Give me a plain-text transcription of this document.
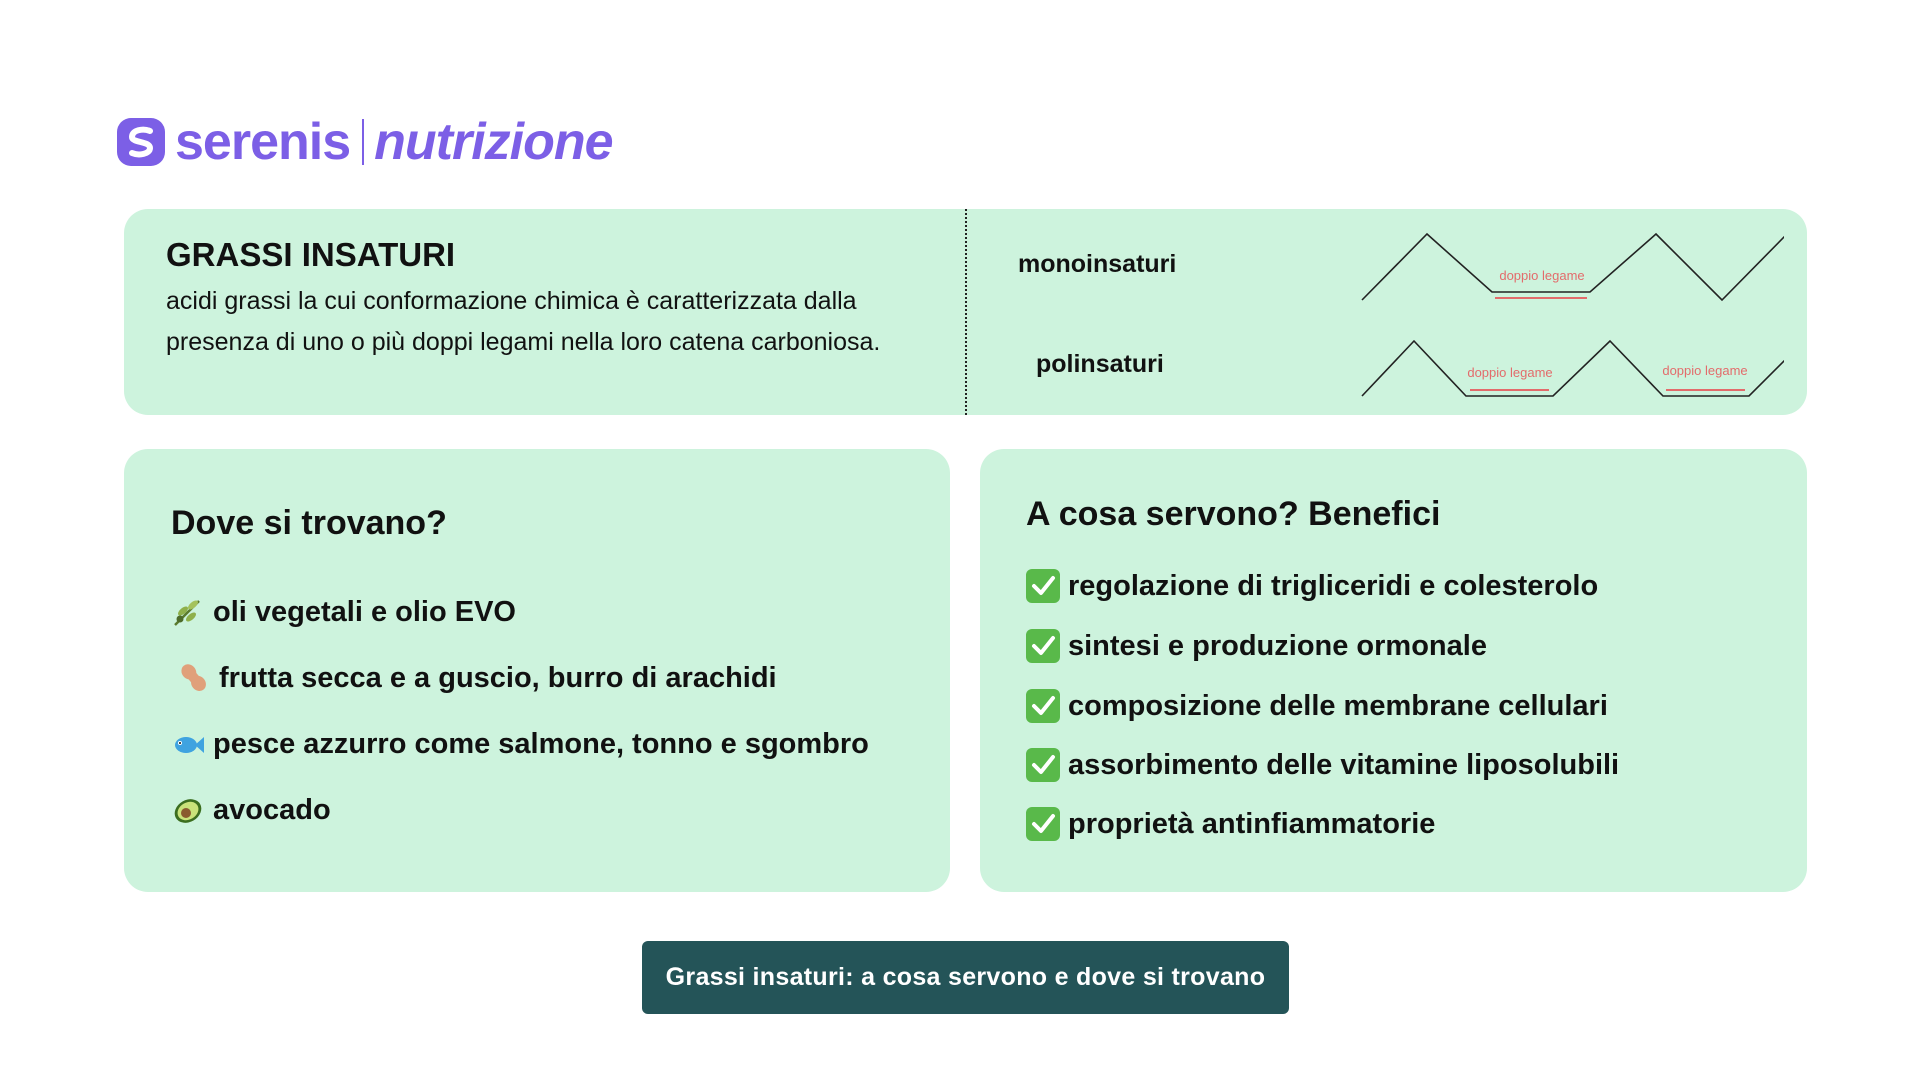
serenis nutrizione
GRASSI INSATURI
acidi grassi la cui conformazione chimica è caratterizzata dalla presenza di uno o più doppi legami nella loro catena carboniosa.
monoinsaturi
polinsaturi
doppio legame
doppio legame	doppio legame
Dove si trovano?
oli vegetali e olio EVO
frutta secca e a guscio, burro di arachidi
pesce azzurro come salmone, tonno e sgombro
avocado
A cosa servono? Benefici
regolazione di trigliceridi e colesterolo
sintesi e produzione ormonale
composizione delle membrane cellulari
assorbimento delle vitamine liposolubili
proprietà antinfiammatorie
Grassi insaturi: a cosa servono e dove si trovano
